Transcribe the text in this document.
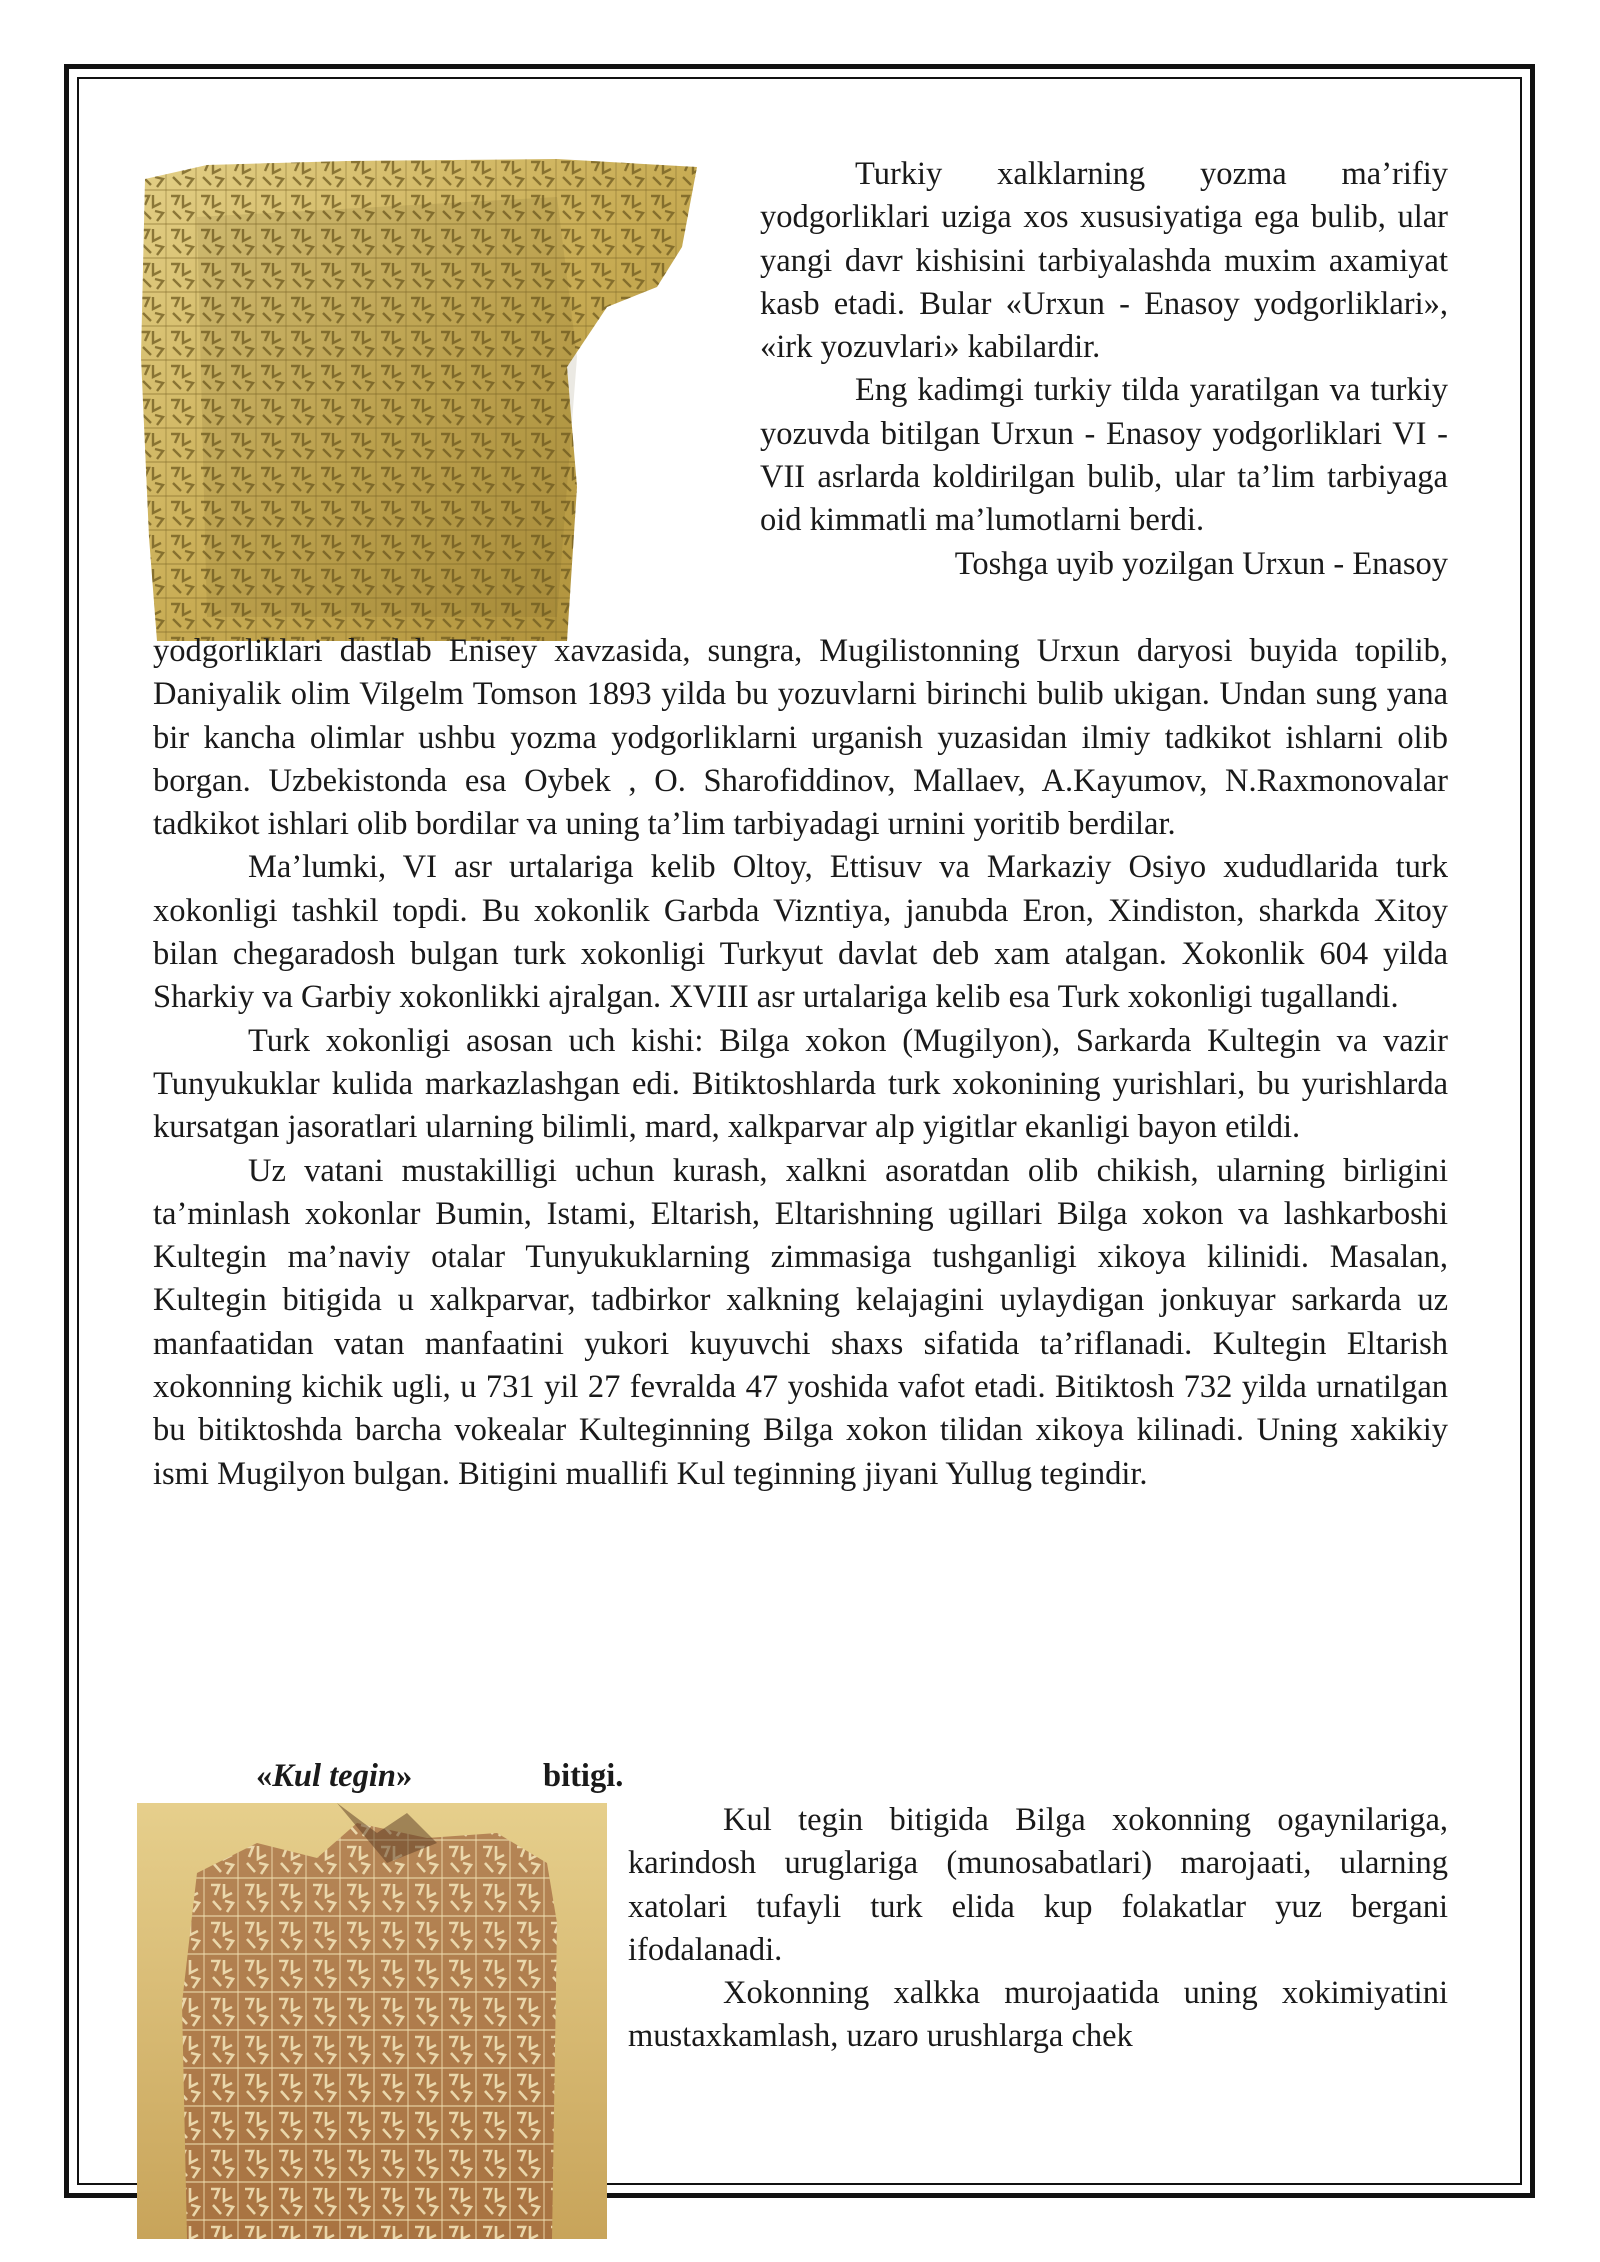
Turkiy xalklarning yozma ma’rifiy yodgorliklari uziga xos xususiyatiga ega bulib, ular yangi davr kishisini tarbiyalashda muxim axamiyat kasb etadi. Bular «Urxun - Enasoy yodgorliklari», «irk yozuvlari» kabilardir.

Eng kadimgi turkiy tilda yaratilgan va turkiy yozuvda bitilgan Urxun - Enasoy yodgorliklari VI - VII asrlarda koldirilgan bulib, ular ta’lim tarbiyaga oid kimmatli ma’lumotlarni berdi.

Toshga uyib yozilgan Urxun - Enasoy

yodgorliklari dastlab Enisey xavzasida, sungra, Mugilistonning Urxun daryosi buyida topilib, Daniyalik olim Vilgelm Tomson 1893 yilda bu yozuvlarni birinchi bulib ukigan. Undan sung yana bir kancha olimlar ushbu yozma yodgorliklarni urganish yuzasidan ilmiy tadkikot ishlarni olib borgan. Uzbekistonda esa Oybek , O. Sharofiddinov, Mallaev, A.Kayumov, N.Raxmonovalar tadkikot ishlari olib bordilar va uning ta’lim tarbiyadagi urnini yoritib berdilar.

Ma’lumki, VI asr urtalariga kelib Oltoy, Ettisuv va Markaziy Osiyo xududlarida turk xokonligi tashkil topdi. Bu xokonlik Garbda Vizntiya, janubda Eron, Xindiston, sharkda Xitoy bilan chegaradosh bulgan turk xokonligi Turkyut davlat deb xam atalgan. Xokonlik 604 yilda Sharkiy va Garbiy xokonlikki ajralgan. XVIII asr urtalariga kelib esa Turk xokonligi tugallandi.

Turk xokonligi asosan uch kishi: Bilga xokon (Mugilyon), Sarkarda Kultegin va vazir Tunyukuklar kulida markazlashgan edi. Bitiktoshlarda turk xokonining yurishlari, bu yurishlarda kursatgan jasoratlari ularning bilimli, mard, xalkparvar alp yigitlar ekanligi bayon etildi.

Uz vatani mustakilligi uchun kurash, xalkni asoratdan olib chikish, ularning birligini ta’minlash xokonlar Bumin, Istami, Eltarish, Eltarishning ugillari Bilga xokon va lashkarboshi Kultegin ma’naviy otalar Tunyukuklarning zimmasiga tushganligi xikoya kilinidi. Masalan, Kultegin bitigida u xalkparvar, tadbirkor xalkning kelajagini uylaydigan jonkuyar sarkarda uz manfaatidan vatan manfaatini yukori kuyuvchi shaxs sifatida ta’riflanadi. Kultegin Eltarish xokonning kichik ugli, u 731 yil 27 fevralda 47 yoshida vafot etadi. Bitiktosh 732 yilda urnatilgan bu bitiktoshda barcha vokealar Kulteginning Bilga xokon tilidan xikoya kilinadi. Uning xakikiy ismi Mugilyon bulgan. Bitigini muallifi Kul teginning jiyani Yullug tegindir.

«Kul tegin»	bitigi.

Kul tegin bitigida Bilga xokonning ogaynilariga, karindosh uruglariga (munosabatlari) marojaati, ularning xatolari tufayli turk elida kup folakatlar yuz bergani ifodalanadi.

Xokonning xalkka murojaatida uning xokimiyatini mustaxkamlash, uzaro urushlarga chek
